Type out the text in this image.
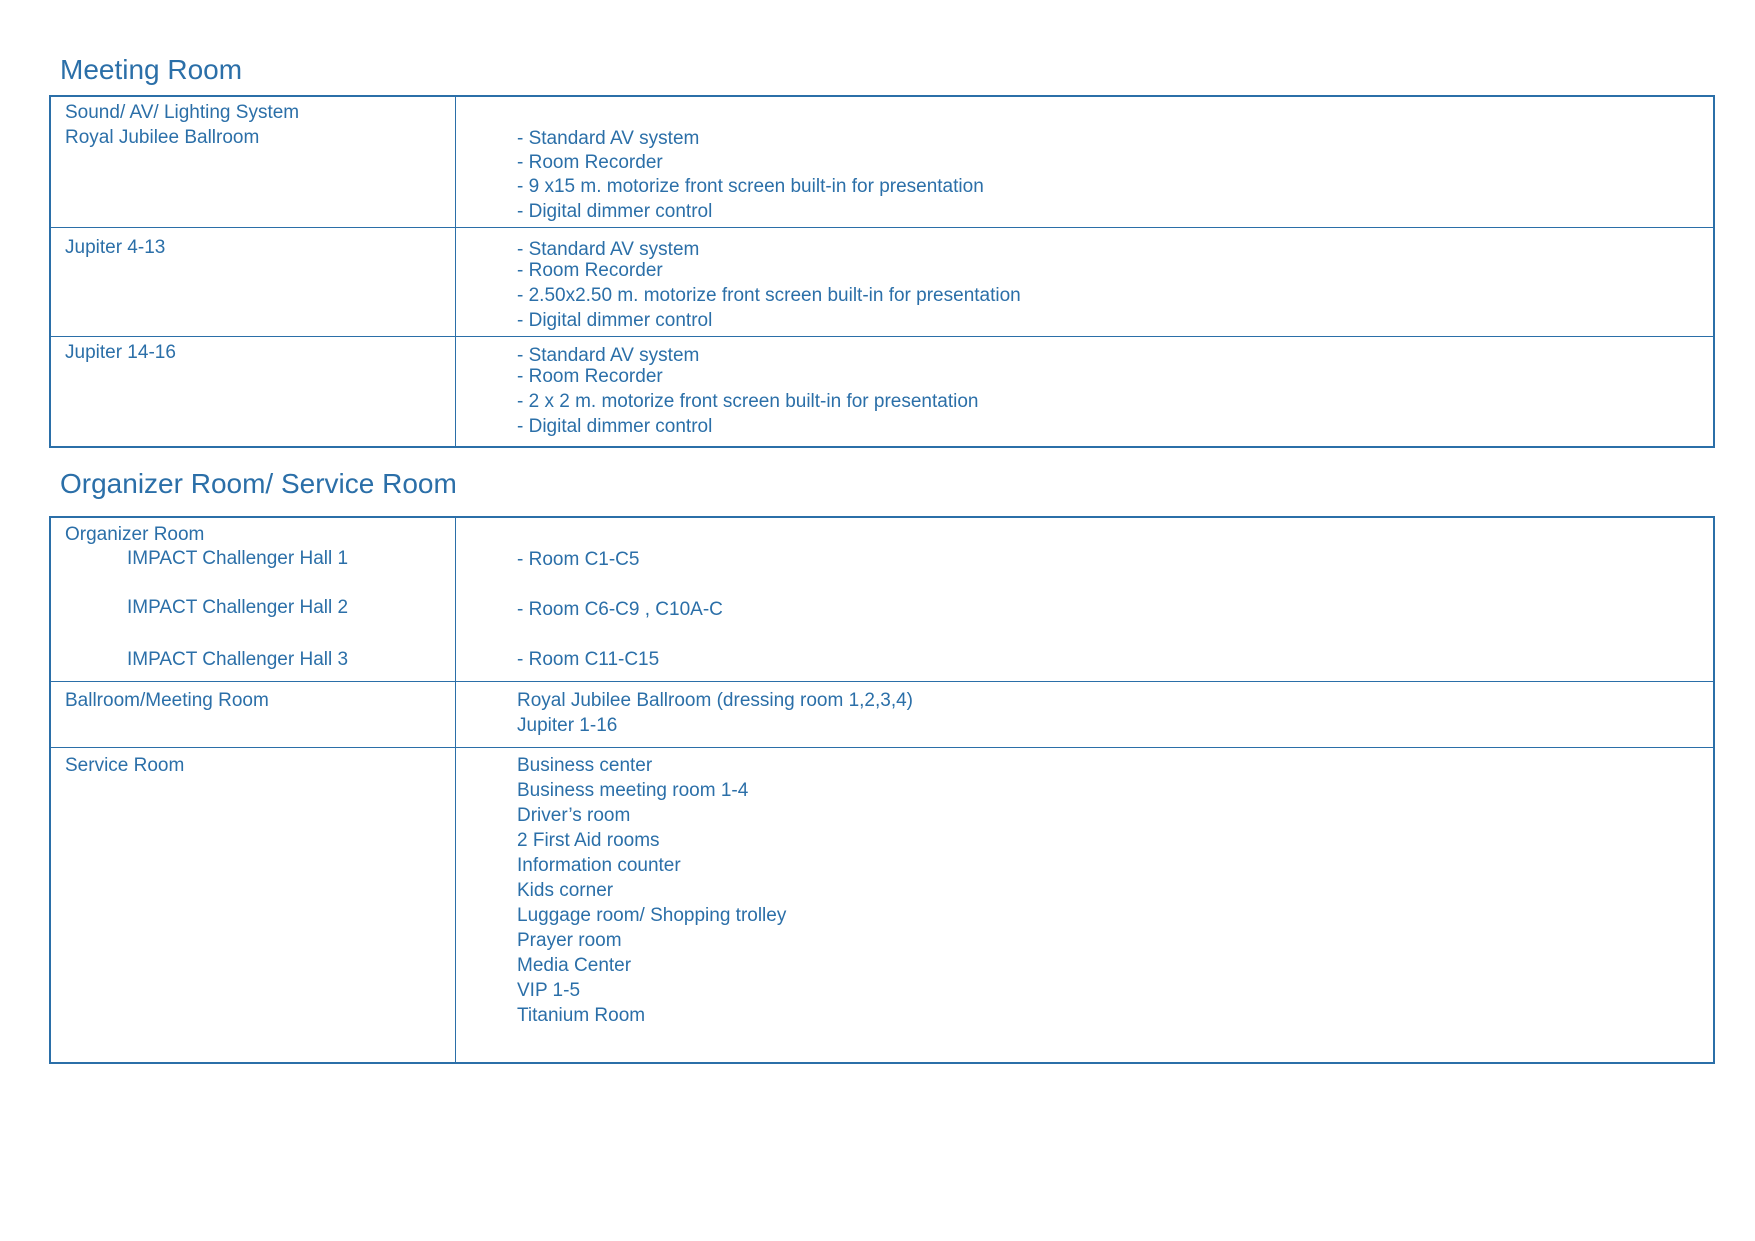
Meeting Room
Sound/ AV/ Lighting System
Royal Jubilee Ballroom	- Standard AV system
- Room Recorder
- 9 x15 m. motorize front screen built-in for presentation
- Digital dimmer control
Jupiter 4-13	- Standard AV system
- Room Recorder
- 2.50x2.50 m. motorize front screen built-in for presentation
- Digital dimmer control
Jupiter 14-16	- Standard AV system
- Room Recorder
- 2 x 2 m. motorize front screen built-in for presentation
- Digital dimmer control
Organizer Room/ Service Room
Organizer Room
IMPACT Challenger Hall 1	- Room C1-C5
IMPACT Challenger Hall 2	- Room C6-C9 , C10A-C
IMPACT Challenger Hall 3	- Room C11-C15
Ballroom/Meeting Room	Royal Jubilee Ballroom (dressing room 1,2,3,4)
Jupiter 1-16
Service Room	Business center
Business meeting room 1-4
Driver’s room
2 First Aid rooms
Information counter
Kids corner
Luggage room/ Shopping trolley
Prayer room
Media Center
VIP 1-5
Titanium Room
